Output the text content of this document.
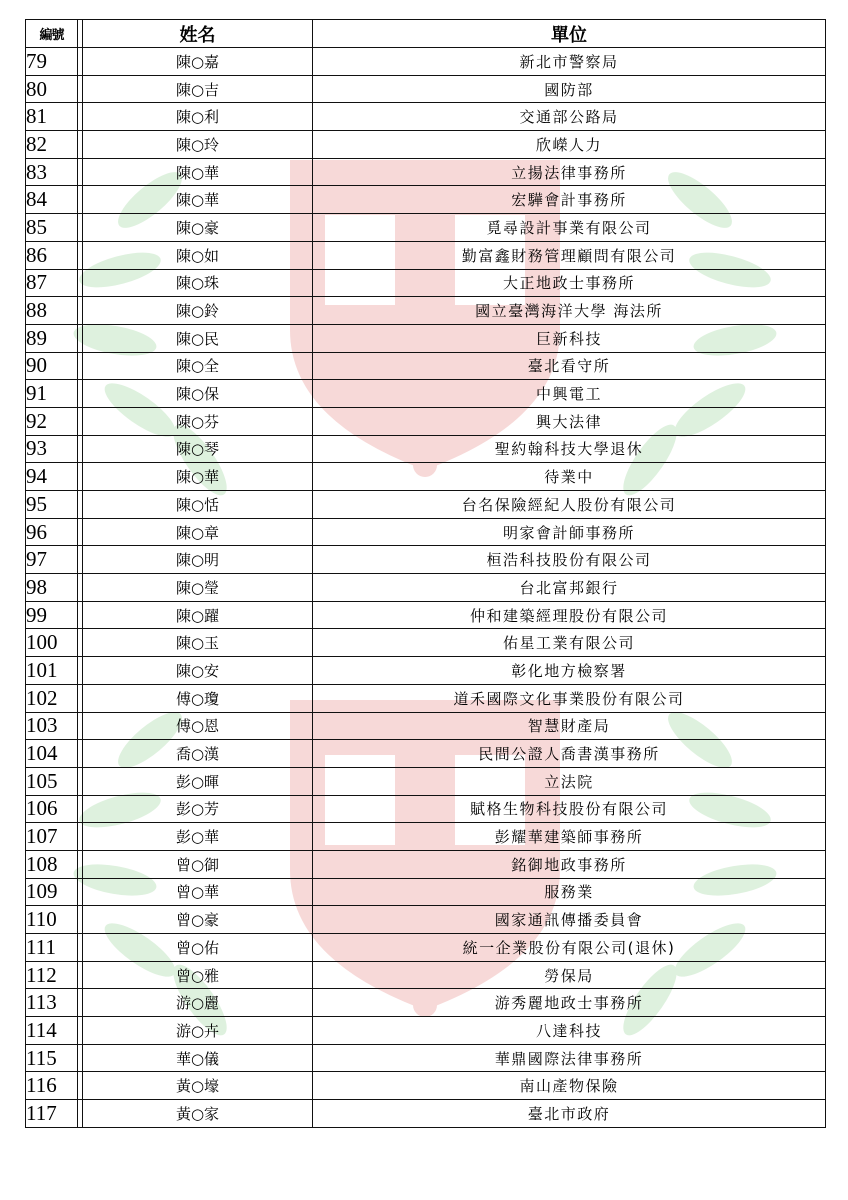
編號		姓名	單位
79		陳○嘉	新北市警察局
80		陳○吉	國防部
81		陳○利	交通部公路局
82		陳○玲	欣嶸人力
83		陳○華	立揚法律事務所
84		陳○華	宏驊會計事務所
85		陳○豪	覓尋設計事業有限公司
86		陳○如	勤富鑫財務管理顧問有限公司
87		陳○珠	大正地政士事務所
88		陳○鈴	國立臺灣海洋大學 海法所
89		陳○民	巨新科技
90		陳○全	臺北看守所
91		陳○保	中興電工
92		陳○芬	興大法律
93		陳○琴	聖約翰科技大學退休
94		陳○華	待業中
95		陳○恬	台名保險經紀人股份有限公司
96		陳○章	明家會計師事務所
97		陳○明	桓浩科技股份有限公司
98		陳○瑩	台北富邦銀行
99		陳○躍	仲和建築經理股份有限公司
100		陳○玉	佑星工業有限公司
101		陳○安	彰化地方檢察署
102		傅○瓊	道禾國際文化事業股份有限公司
103		傅○恩	智慧財產局
104		喬○漢	民間公證人喬書漢事務所
105		彭○暉	立法院
106		彭○芳	賦格生物科技股份有限公司
107		彭○華	彭耀華建築師事務所
108		曾○御	銘御地政事務所
109		曾○華	服務業
110		曾○豪	國家通訊傳播委員會
111		曾○佑	統一企業股份有限公司(退休)
112		曾○雅	勞保局
113		游○麗	游秀麗地政士事務所
114		游○卉	八達科技
115		華○儀	華鼎國際法律事務所
116		黃○壕	南山產物保險
117		黃○家	臺北市政府
